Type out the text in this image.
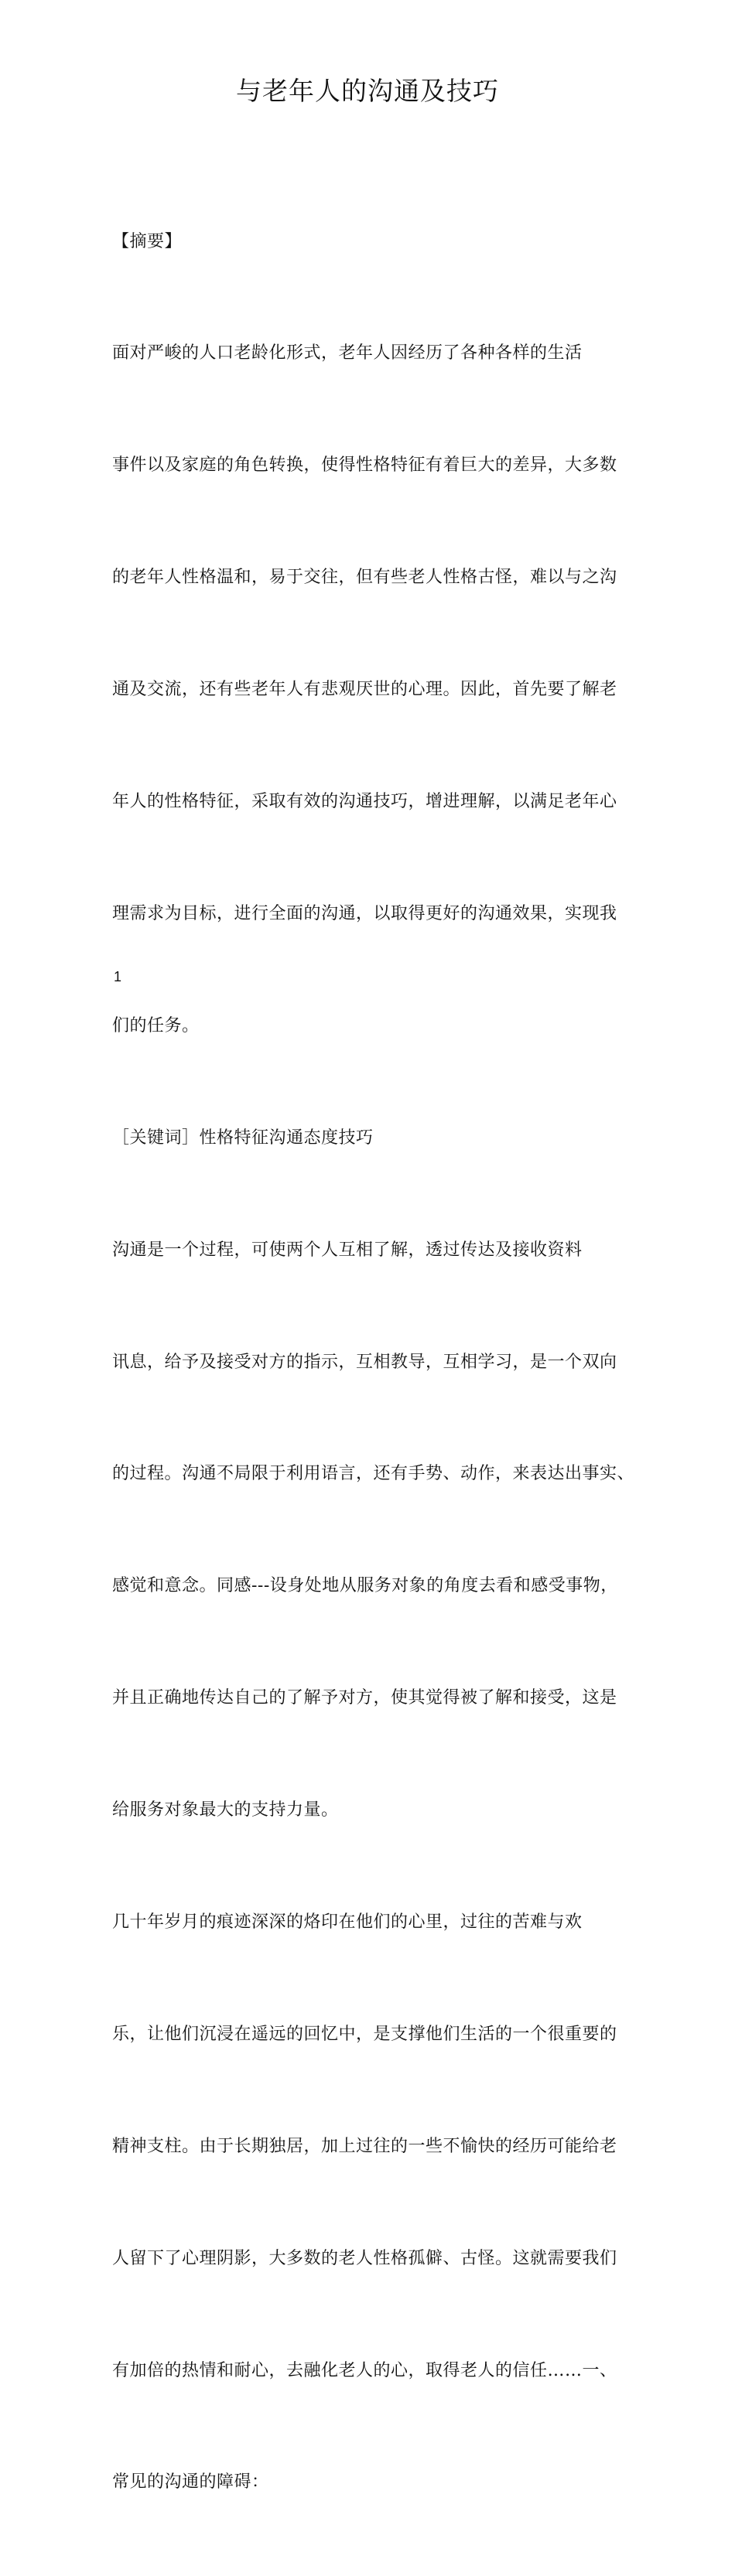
与老年人的沟通及技巧

【摘要】

面对严峻的人口老龄化形式，老年人因经历了各种各样的生活

事件以及家庭的角色转换，使得性格特征有着巨大的差异，大多数

的老年人性格温和，易于交往，但有些老人性格古怪，难以与之沟

通及交流，还有些老年人有悲观厌世的心理。因此，首先要了解老

年人的性格特征，采取有效的沟通技巧，增进理解，以满足老年心

理需求为目标，进行全面的沟通，以取得更好的沟通效果，实现我

们的任务。

［关键词］性格特征沟通态度技巧

沟通是一个过程，可使两个人互相了解，透过传达及接收资料

讯息，给予及接受对方的指示，互相教导，互相学习，是一个双向

的过程。沟通不局限于利用语言，还有手势、动作，来表达出事实、

感觉和意念。同感---设身处地从服务对象的角度去看和感受事物，

并且正确地传达自己的了解予对方，使其觉得被了解和接受，这是

给服务对象最大的支持力量。

几十年岁月的痕迹深深的烙印在他们的心里，过往的苦难与欢

乐，让他们沉浸在遥远的回忆中，是支撑他们生活的一个很重要的

精神支柱。由于长期独居，加上过往的一些不愉快的经历可能给老

人留下了心理阴影，大多数的老人性格孤僻、古怪。这就需要我们

有加倍的热情和耐心，去融化老人的心，取得老人的信任……一、

常见的沟通的障碍：

1
